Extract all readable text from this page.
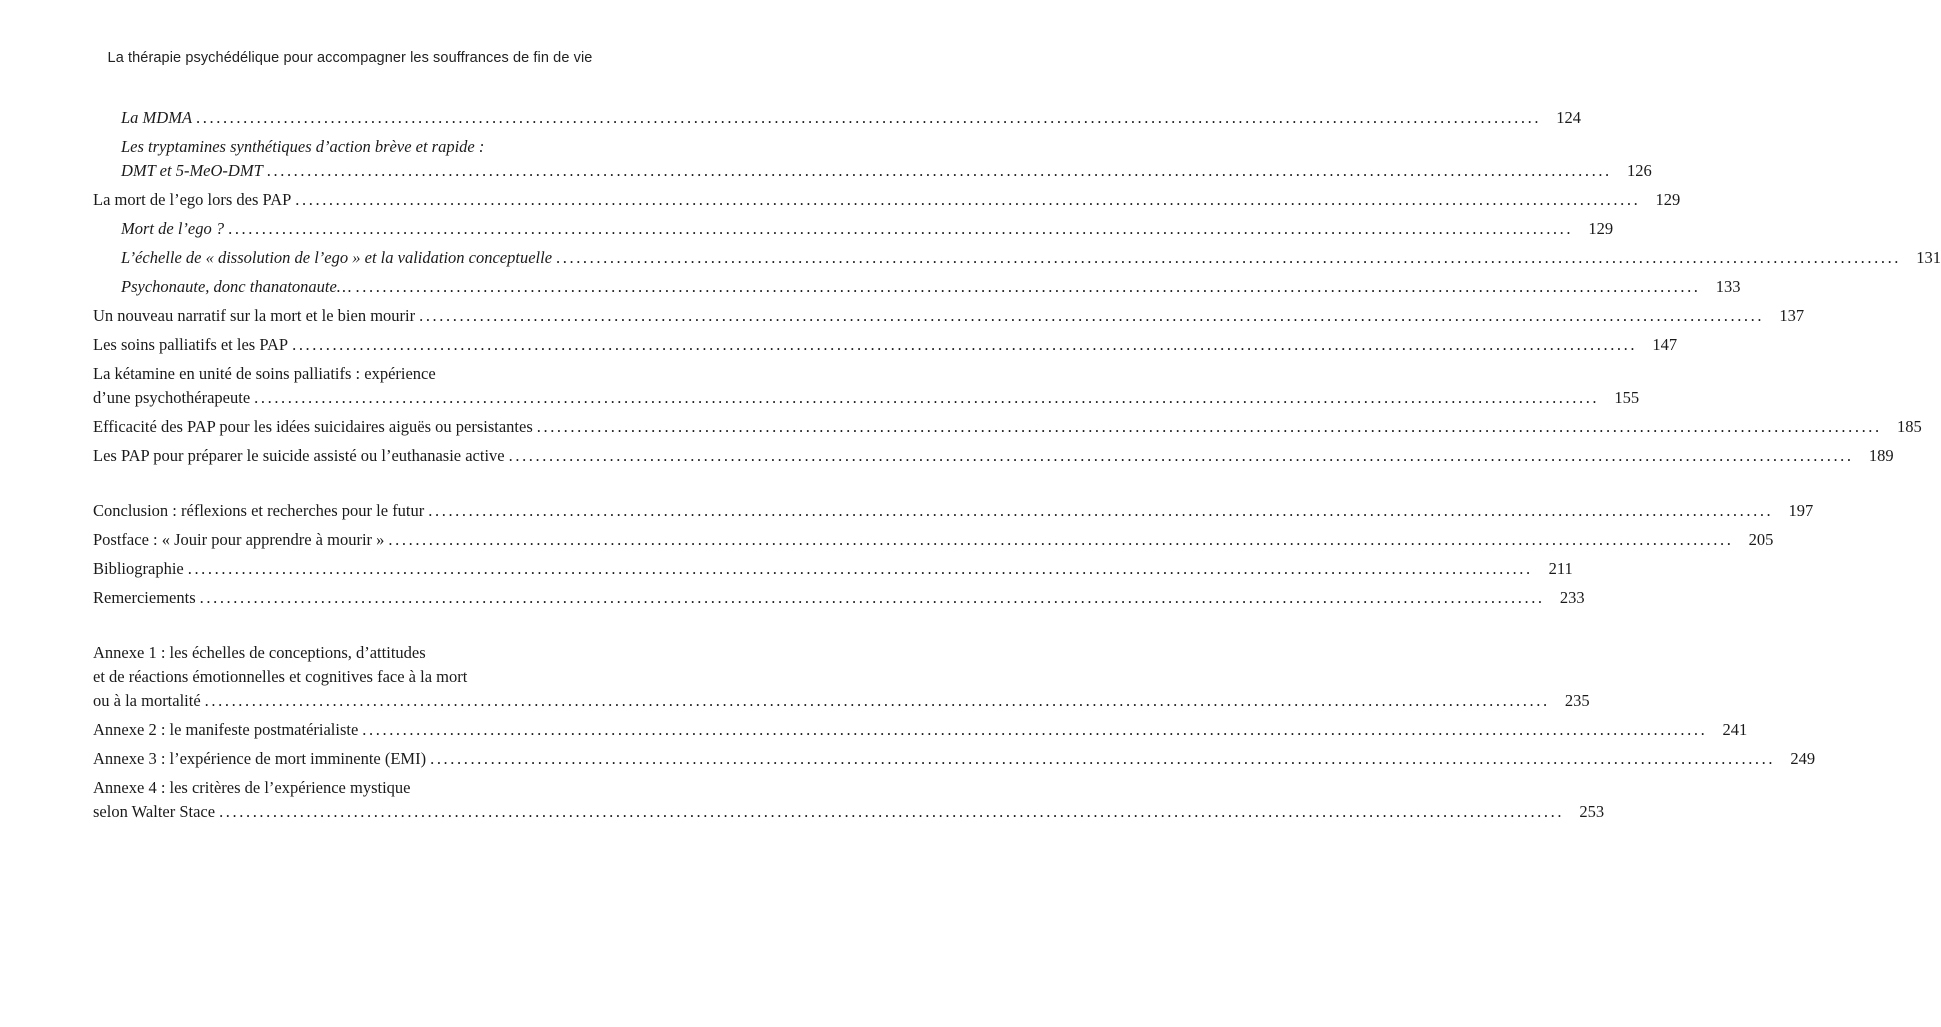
La thérapie psychédélique pour accompagner les souffrances de fin de vie
La MDMA ........................................................................................................................................................................................................ 124
Les tryptamines synthétiques d’action brève et rapide :
DMT et 5-MeO-DMT ........................................................................................................................................................................................................ 126
La mort de l’ego lors des PAP ........................................................................................................................................................................................................ 129
Mort de l’ego ? ........................................................................................................................................................................................................ 129
L’échelle de « dissolution de l’ego » et la validation conceptuelle ........................................................................................................................................................................................................ 131
Psychonaute, donc thanatonaute… ........................................................................................................................................................................................................ 133
Un nouveau narratif sur la mort et le bien mourir ........................................................................................................................................................................................................ 137
Les soins palliatifs et les PAP ........................................................................................................................................................................................................ 147
La kétamine en unité de soins palliatifs : expérience
d’une psychothérapeute ........................................................................................................................................................................................................ 155
Efficacité des PAP pour les idées suicidaires aiguës ou persistantes ........................................................................................................................................................................................................ 185
Les PAP pour préparer le suicide assisté ou l’euthanasie active ........................................................................................................................................................................................................ 189
Conclusion : réflexions et recherches pour le futur ........................................................................................................................................................................................................ 197
Postface : « Jouir pour apprendre à mourir » ........................................................................................................................................................................................................ 205
Bibliographie ........................................................................................................................................................................................................ 211
Remerciements ........................................................................................................................................................................................................ 233
Annexe 1 : les échelles de conceptions, d’attitudes
et de réactions émotionnelles et cognitives face à la mort
ou à la mortalité ........................................................................................................................................................................................................ 235
Annexe 2 : le manifeste postmatérialiste ........................................................................................................................................................................................................ 241
Annexe 3 : l’expérience de mort imminente (EMI) ........................................................................................................................................................................................................ 249
Annexe 4 : les critères de l’expérience mystique
selon Walter Stace ........................................................................................................................................................................................................ 253
